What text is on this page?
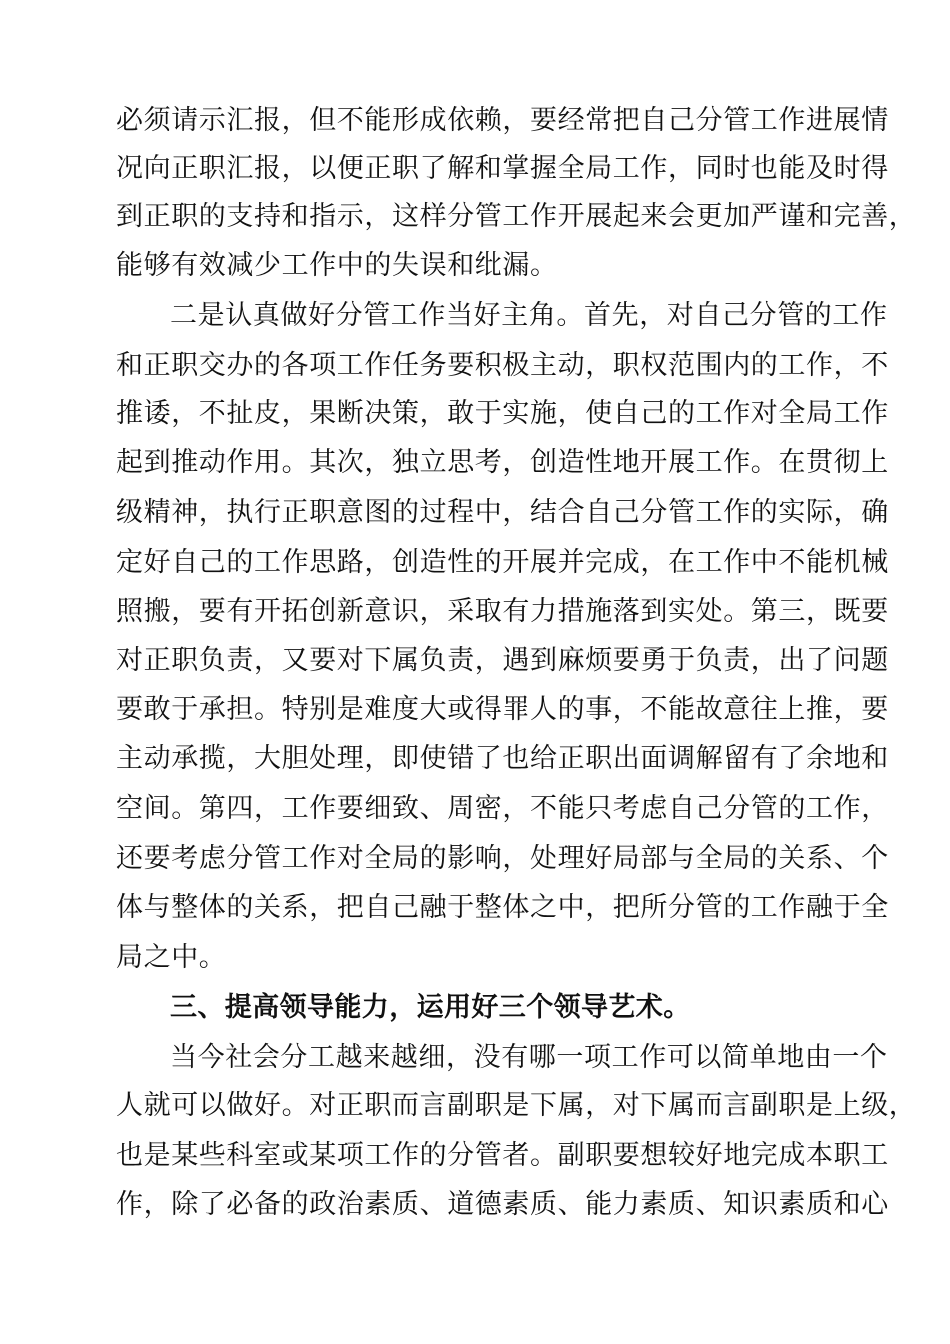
必须请示汇报，但不能形成依赖，要经常把自己分管工作进展情
况向正职汇报，以便正职了解和掌握全局工作，同时也能及时得
到正职的支持和指示，这样分管工作开展起来会更加严谨和完善，
能够有效减少工作中的失误和纰漏。
二是认真做好分管工作当好主角。首先，对自己分管的工作
和正职交办的各项工作任务要积极主动，职权范围内的工作，不
推诿，不扯皮，果断决策，敢于实施，使自己的工作对全局工作
起到推动作用。其次，独立思考，创造性地开展工作。在贯彻上
级精神，执行正职意图的过程中，结合自己分管工作的实际，确
定好自己的工作思路，创造性的开展并完成，在工作中不能机械
照搬，要有开拓创新意识，采取有力措施落到实处。第三，既要
对正职负责，又要对下属负责，遇到麻烦要勇于负责，出了问题
要敢于承担。特别是难度大或得罪人的事，不能故意往上推，要
主动承揽，大胆处理，即使错了也给正职出面调解留有了余地和
空间。第四，工作要细致、周密，不能只考虑自己分管的工作，
还要考虑分管工作对全局的影响，处理好局部与全局的关系、个
体与整体的关系，把自己融于整体之中，把所分管的工作融于全
局之中。
三、提高领导能力，运用好三个领导艺术。
当今社会分工越来越细，没有哪一项工作可以简单地由一个
人就可以做好。对正职而言副职是下属，对下属而言副职是上级，
也是某些科室或某项工作的分管者。副职要想较好地完成本职工
作，除了必备的政治素质、道德素质、能力素质、知识素质和心
